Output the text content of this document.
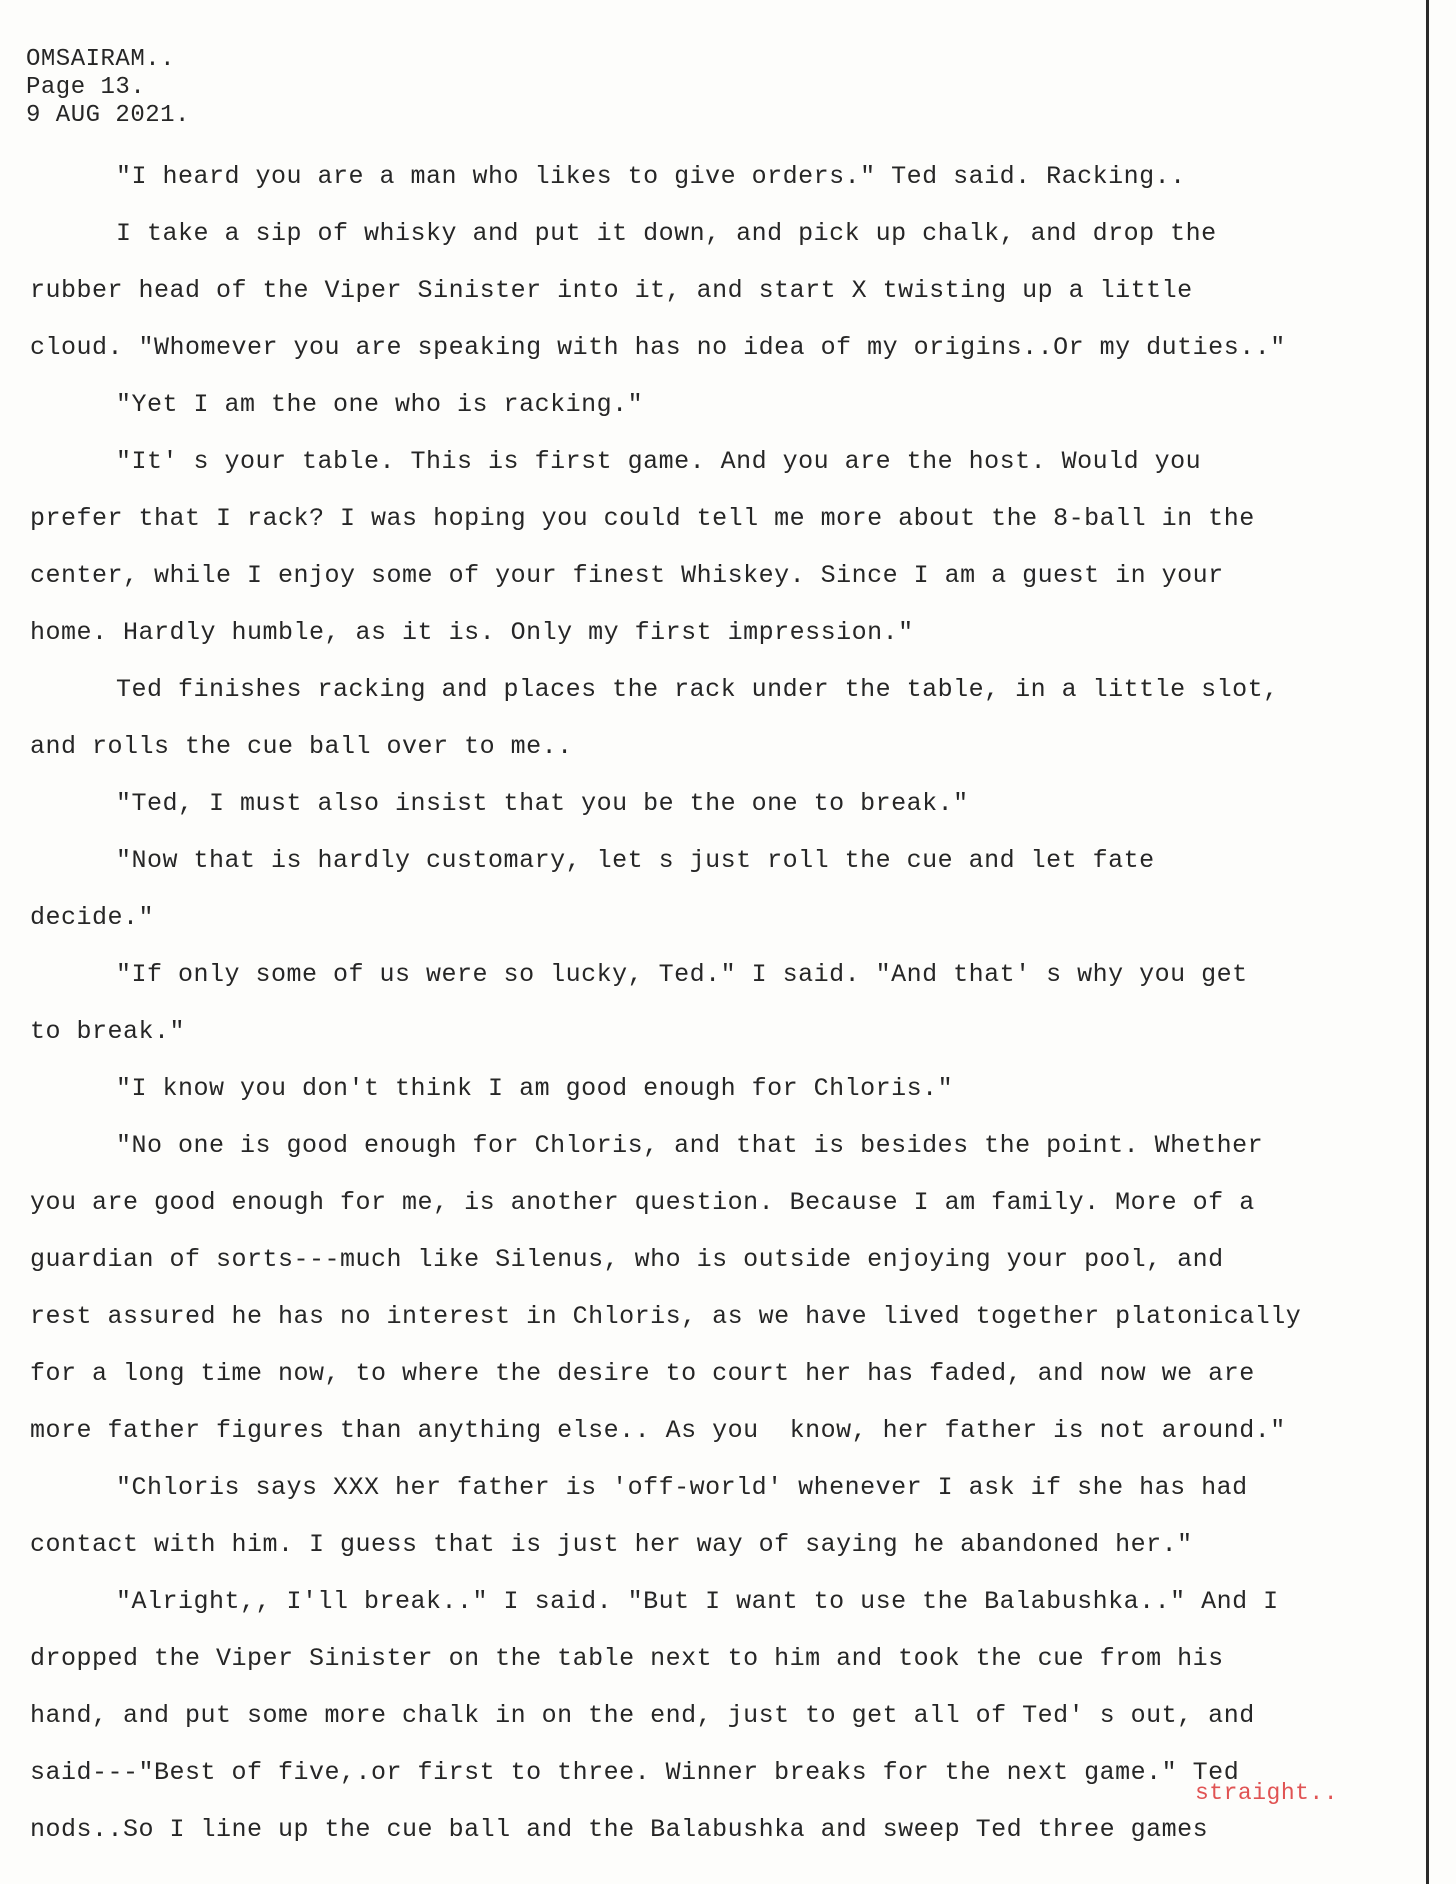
OMSAIRAM..
Page 13.
9 AUG 2021.

"I heard you are a man who likes to give orders." Ted said. Racking..

I take a sip of whisky and put it down, and pick up chalk, and drop the

rubber head of the Viper Sinister into it, and start X twisting up a little

cloud. "Whomever you are speaking with has no idea of my origins..Or my duties.."

"Yet I am the one who is racking."

"It' s your table. This is first game. And you are the host. Would you

prefer that I rack? I was hoping you could tell me more about the 8-ball in the

center, while I enjoy some of your finest Whiskey. Since I am a guest in your

home. Hardly humble, as it is. Only my first impression."

Ted finishes racking and places the rack under the table, in a little slot,

and rolls the cue ball over to me..

"Ted, I must also insist that you be the one to break."

"Now that is hardly customary, let s just roll the cue and let fate

decide."

"If only some of us were so lucky, Ted." I said. "And that' s why you get

to break."

"I know you don't think I am good enough for Chloris."

"No one is good enough for Chloris, and that is besides the point. Whether

you are good enough for me, is another question. Because I am family. More of a

guardian of sorts---much like Silenus, who is outside enjoying your pool, and

rest assured he has no interest in Chloris, as we have lived together platonically

for a long time now, to where the desire to court her has faded, and now we are

more father figures than anything else.. As you  know, her father is not around."

"Chloris says XXX her father is 'off-world' whenever I ask if she has had

contact with him. I guess that is just her way of saying he abandoned her."

"Alright,, I'll break.." I said. "But I want to use the Balabushka.." And I

dropped the Viper Sinister on the table next to him and took the cue from his

hand, and put some more chalk in on the end, just to get all of Ted' s out, and

said---"Best of five,.or first to three. Winner breaks for the next game." Ted

nods..So I line up the cue ball and the Balabushka and sweep Ted three games

straight..
